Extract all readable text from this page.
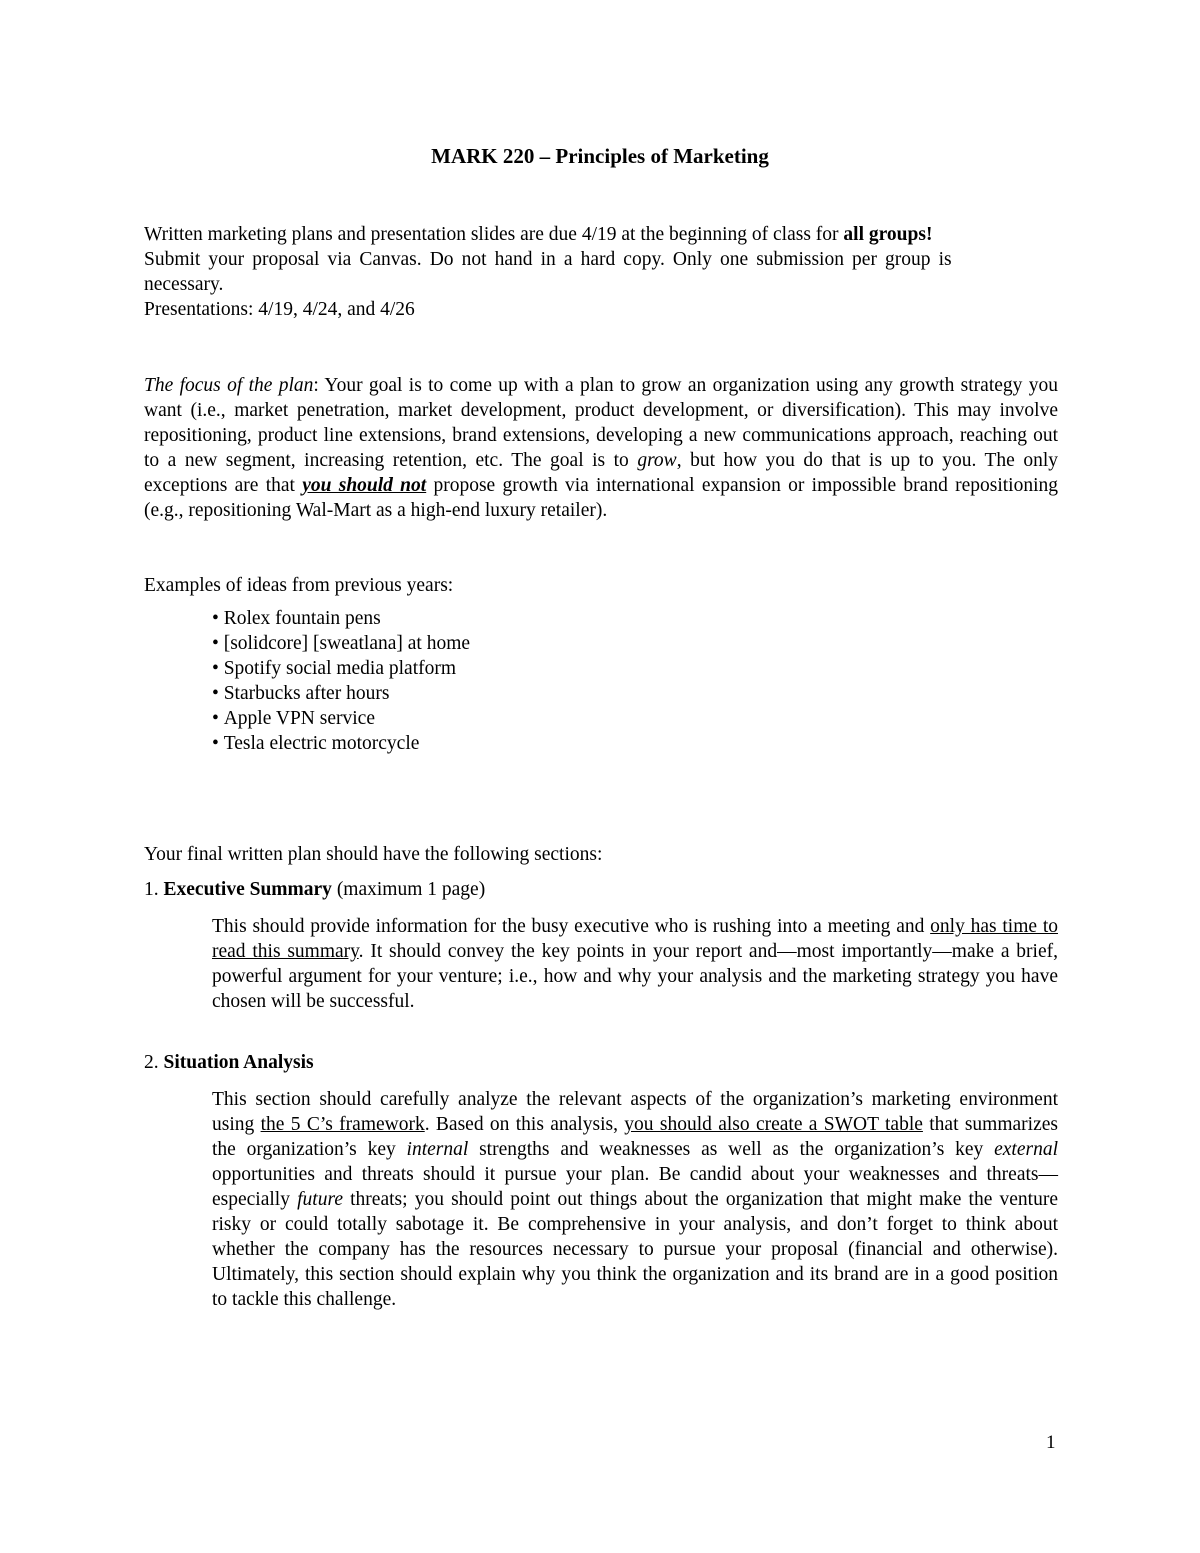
MARK 220 – Principles of Marketing
Written marketing plans and presentation slides are due 4/19 at the beginning of class for all groups!
Submit your proposal via Canvas. Do not hand in a hard copy. Only one submission per group is
necessary.
Presentations: 4/19, 4/24, and 4/26
The focus of the plan: Your goal is to come up with a plan to grow an organization using any growth strategy you want (i.e., market penetration, market development, product development, or diversification). This may involve repositioning, product line extensions, brand extensions, developing a new communications approach, reaching out to a new segment, increasing retention, etc. The goal is to grow, but how you do that is up to you. The only exceptions are that you should not propose growth via international expansion or impossible brand repositioning (e.g., repositioning Wal-Mart as a high-end luxury retailer).
Examples of ideas from previous years:
• Rolex fountain pens
• [solidcore] [sweatlana] at home
• Spotify social media platform
• Starbucks after hours
• Apple VPN service
• Tesla electric motorcycle
Your final written plan should have the following sections:
1. Executive Summary (maximum 1 page)
This should provide information for the busy executive who is rushing into a meeting and only has time to read this summary. It should convey the key points in your report and—most importantly—make a brief, powerful argument for your venture; i.e., how and why your analysis and the marketing strategy you have chosen will be successful.
2. Situation Analysis
This section should carefully analyze the relevant aspects of the organization’s marketing environment using the 5 C’s framework. Based on this analysis, you should also create a SWOT table that summarizes the organization’s key internal strengths and weaknesses as well as the organization’s key external opportunities and threats should it pursue your plan. Be candid about your weaknesses and threats—especially future threats; you should point out things about the organization that might make the venture risky or could totally sabotage it. Be comprehensive in your analysis, and don’t forget to think about whether the company has the resources necessary to pursue your proposal (financial and otherwise). Ultimately, this section should explain why you think the organization and its brand are in a good position to tackle this challenge.
1
